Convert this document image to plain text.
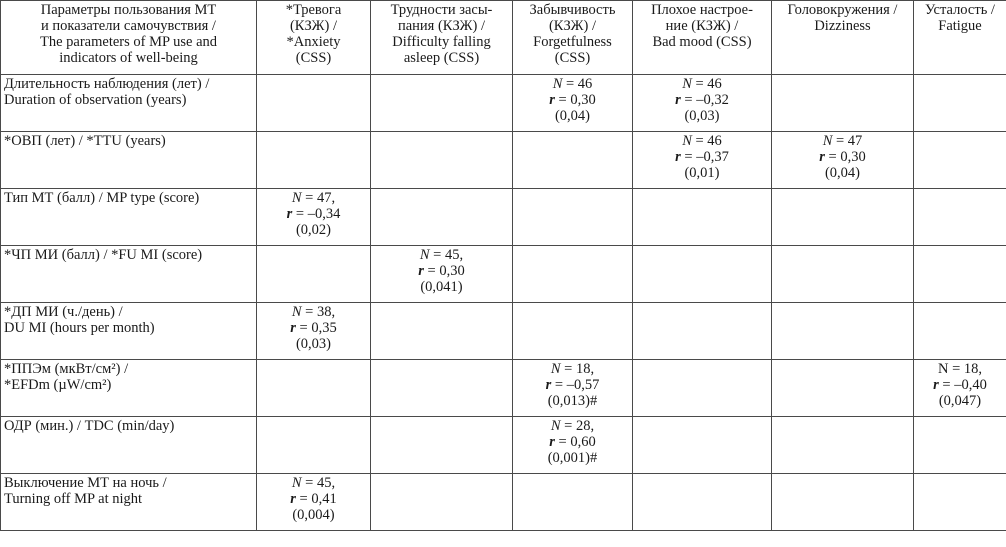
Параметры пользования МТ
и показатели самочувствия /
The parameters of MP use and
indicators of well-being	*Тревога
(КЗЖ) /
*Anxiety
(CSS)	Трудности засы-
пания (КЗЖ) /
Difficulty falling
asleep (CSS)	Забывчивость
(КЗЖ) /
Forgetfulness
(CSS)	Плохое настрое-
ние (КЗЖ) /
Bad mood (CSS)	Головокружения /
Dizziness	Усталость /
Fatigue

Длительность наблюдения (лет) /
Duration of observation (years)			N = 46
r = 0,30
(0,04)	N = 46
r = –0,32
(0,03)		

*ОВП (лет) / *TTU (years)				N = 46
r = –0,37
(0,01)	N = 47
r = 0,30
(0,04)	

Тип МТ (балл) / MP type (score)	N = 47,
r = –0,34
(0,02)					

*ЧП МИ (балл) / *FU MI (score)		N = 45,
r = 0,30
(0,041)				

*ДП МИ (ч./день) /
DU MI (hours per month)	N = 38,
r = 0,35
(0,03)					

*ППЭм (мкВт/см²) /
*EFDm (µW/cm²)			N = 18,
r = –0,57
(0,013)#			N = 18,
r = –0,40
(0,047)

ОДР (мин.) / TDC (min/day)			N = 28,
r = 0,60
(0,001)#			

Выключение МТ на ночь /
Turning off MP at night	N = 45,
r = 0,41
(0,004)					
